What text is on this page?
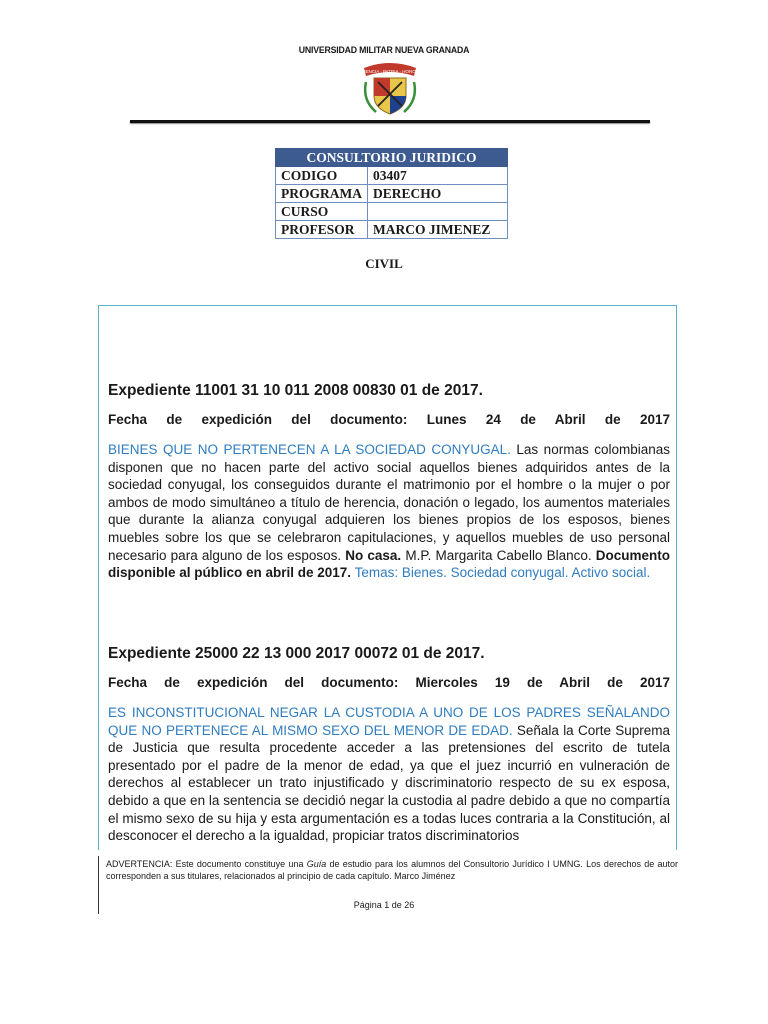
UNIVERSIDAD MILITAR NUEVA GRANADA
CIENCIA · PATRIA · HONOR
CONSULTORIO JURIDICO	
CODIGO	03407
PROGRAMA	DERECHO
CURSO	
PROFESOR	MARCO JIMENEZ
CIVIL

Expediente 11001 31 10 011 2008 00830 01 de 2017.

Fecha de expedición del documento: Lunes 24 de Abril de 2017

BIENES QUE NO PERTENECEN A LA SOCIEDAD CONYUGAL. Las normas colombianas disponen que no hacen parte del activo social aquellos bienes adquiridos antes de la sociedad conyugal, los conseguidos durante el matrimonio por el hombre o la mujer o por ambos de modo simultáneo a título de herencia, donación o legado, los aumentos materiales que durante la alianza conyugal adquieren los bienes propios de los esposos, bienes muebles sobre los que se celebraron capitulaciones, y aquellos muebles de uso personal necesario para alguno de los esposos. No casa. M.P. Margarita Cabello Blanco. Documento disponible al público en abril de 2017. Temas: Bienes. Sociedad conyugal. Activo social.

Expediente 25000 22 13 000 2017 00072 01 de 2017.

Fecha de expedición del documento: Miercoles 19 de Abril de 2017

ES INCONSTITUCIONAL NEGAR LA CUSTODIA A UNO DE LOS PADRES SEÑALANDO QUE NO PERTENECE AL MISMO SEXO DEL MENOR DE EDAD. Señala la Corte Suprema de Justicia que resulta procedente acceder a las pretensiones del escrito de tutela presentado por el padre de la menor de edad, ya que el juez incurrió en vulneración de derechos al establecer un trato injustificado y discriminatorio respecto de su ex esposa, debido a que en la sentencia se decidió negar la custodia al padre debido a que no compartía el mismo sexo de su hija y esta argumentación es a todas luces contraria a la Constitución, al desconocer el derecho a la igualdad, propiciar tratos discriminatorios

ADVERTENCIA: Este documento constituye una Guía de estudio para los alumnos del Consultorio Jurídico I UMNG. Los derechos de autor corresponden a sus titulares, relacionados al principio de cada capítulo. Marco Jiménez
Página 1 de 26
